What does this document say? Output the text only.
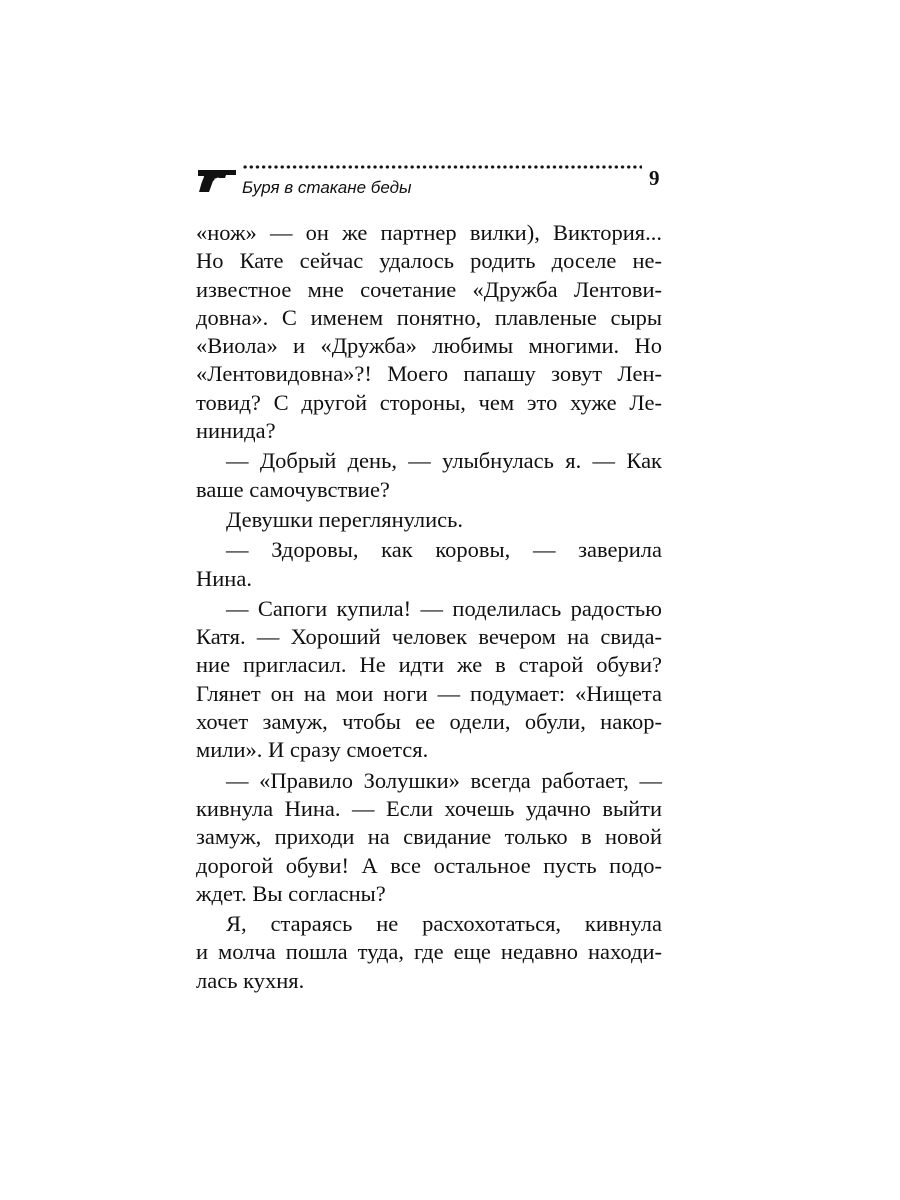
Буря в стакане беды	9
«нож» — он же партнер вилки), Виктория...
Но Кате сейчас удалось родить доселе не-
известное мне сочетание «Дружба Лентови-
довна». С именем понятно, плавленые сыры
«Виола» и «Дружба» любимы многими. Но
«Лентовидовна»?! Моего папашу зовут Лен-
товид? С другой стороны, чем это хуже Ле-
нинида?
— Добрый день, — улыбнулась я. — Как
ваше самочувствие?
Девушки переглянулись.
— Здоровы, как коровы, — заверила
Нина.
— Сапоги купила! — поделилась радостью
Катя. — Хороший человек вечером на свида-
ние пригласил. Не идти же в старой обуви?
Глянет он на мои ноги — подумает: «Нищета
хочет замуж, чтобы ее одели, обули, накор-
мили». И сразу смоется.
— «Правило Золушки» всегда работает, —
кивнула Нина. — Если хочешь удачно выйти
замуж, приходи на свидание только в новой
дорогой обуви! А все остальное пусть подо-
ждет. Вы согласны?
Я, стараясь не расхохотаться, кивнула
и молча пошла туда, где еще недавно находи-
лась кухня.
